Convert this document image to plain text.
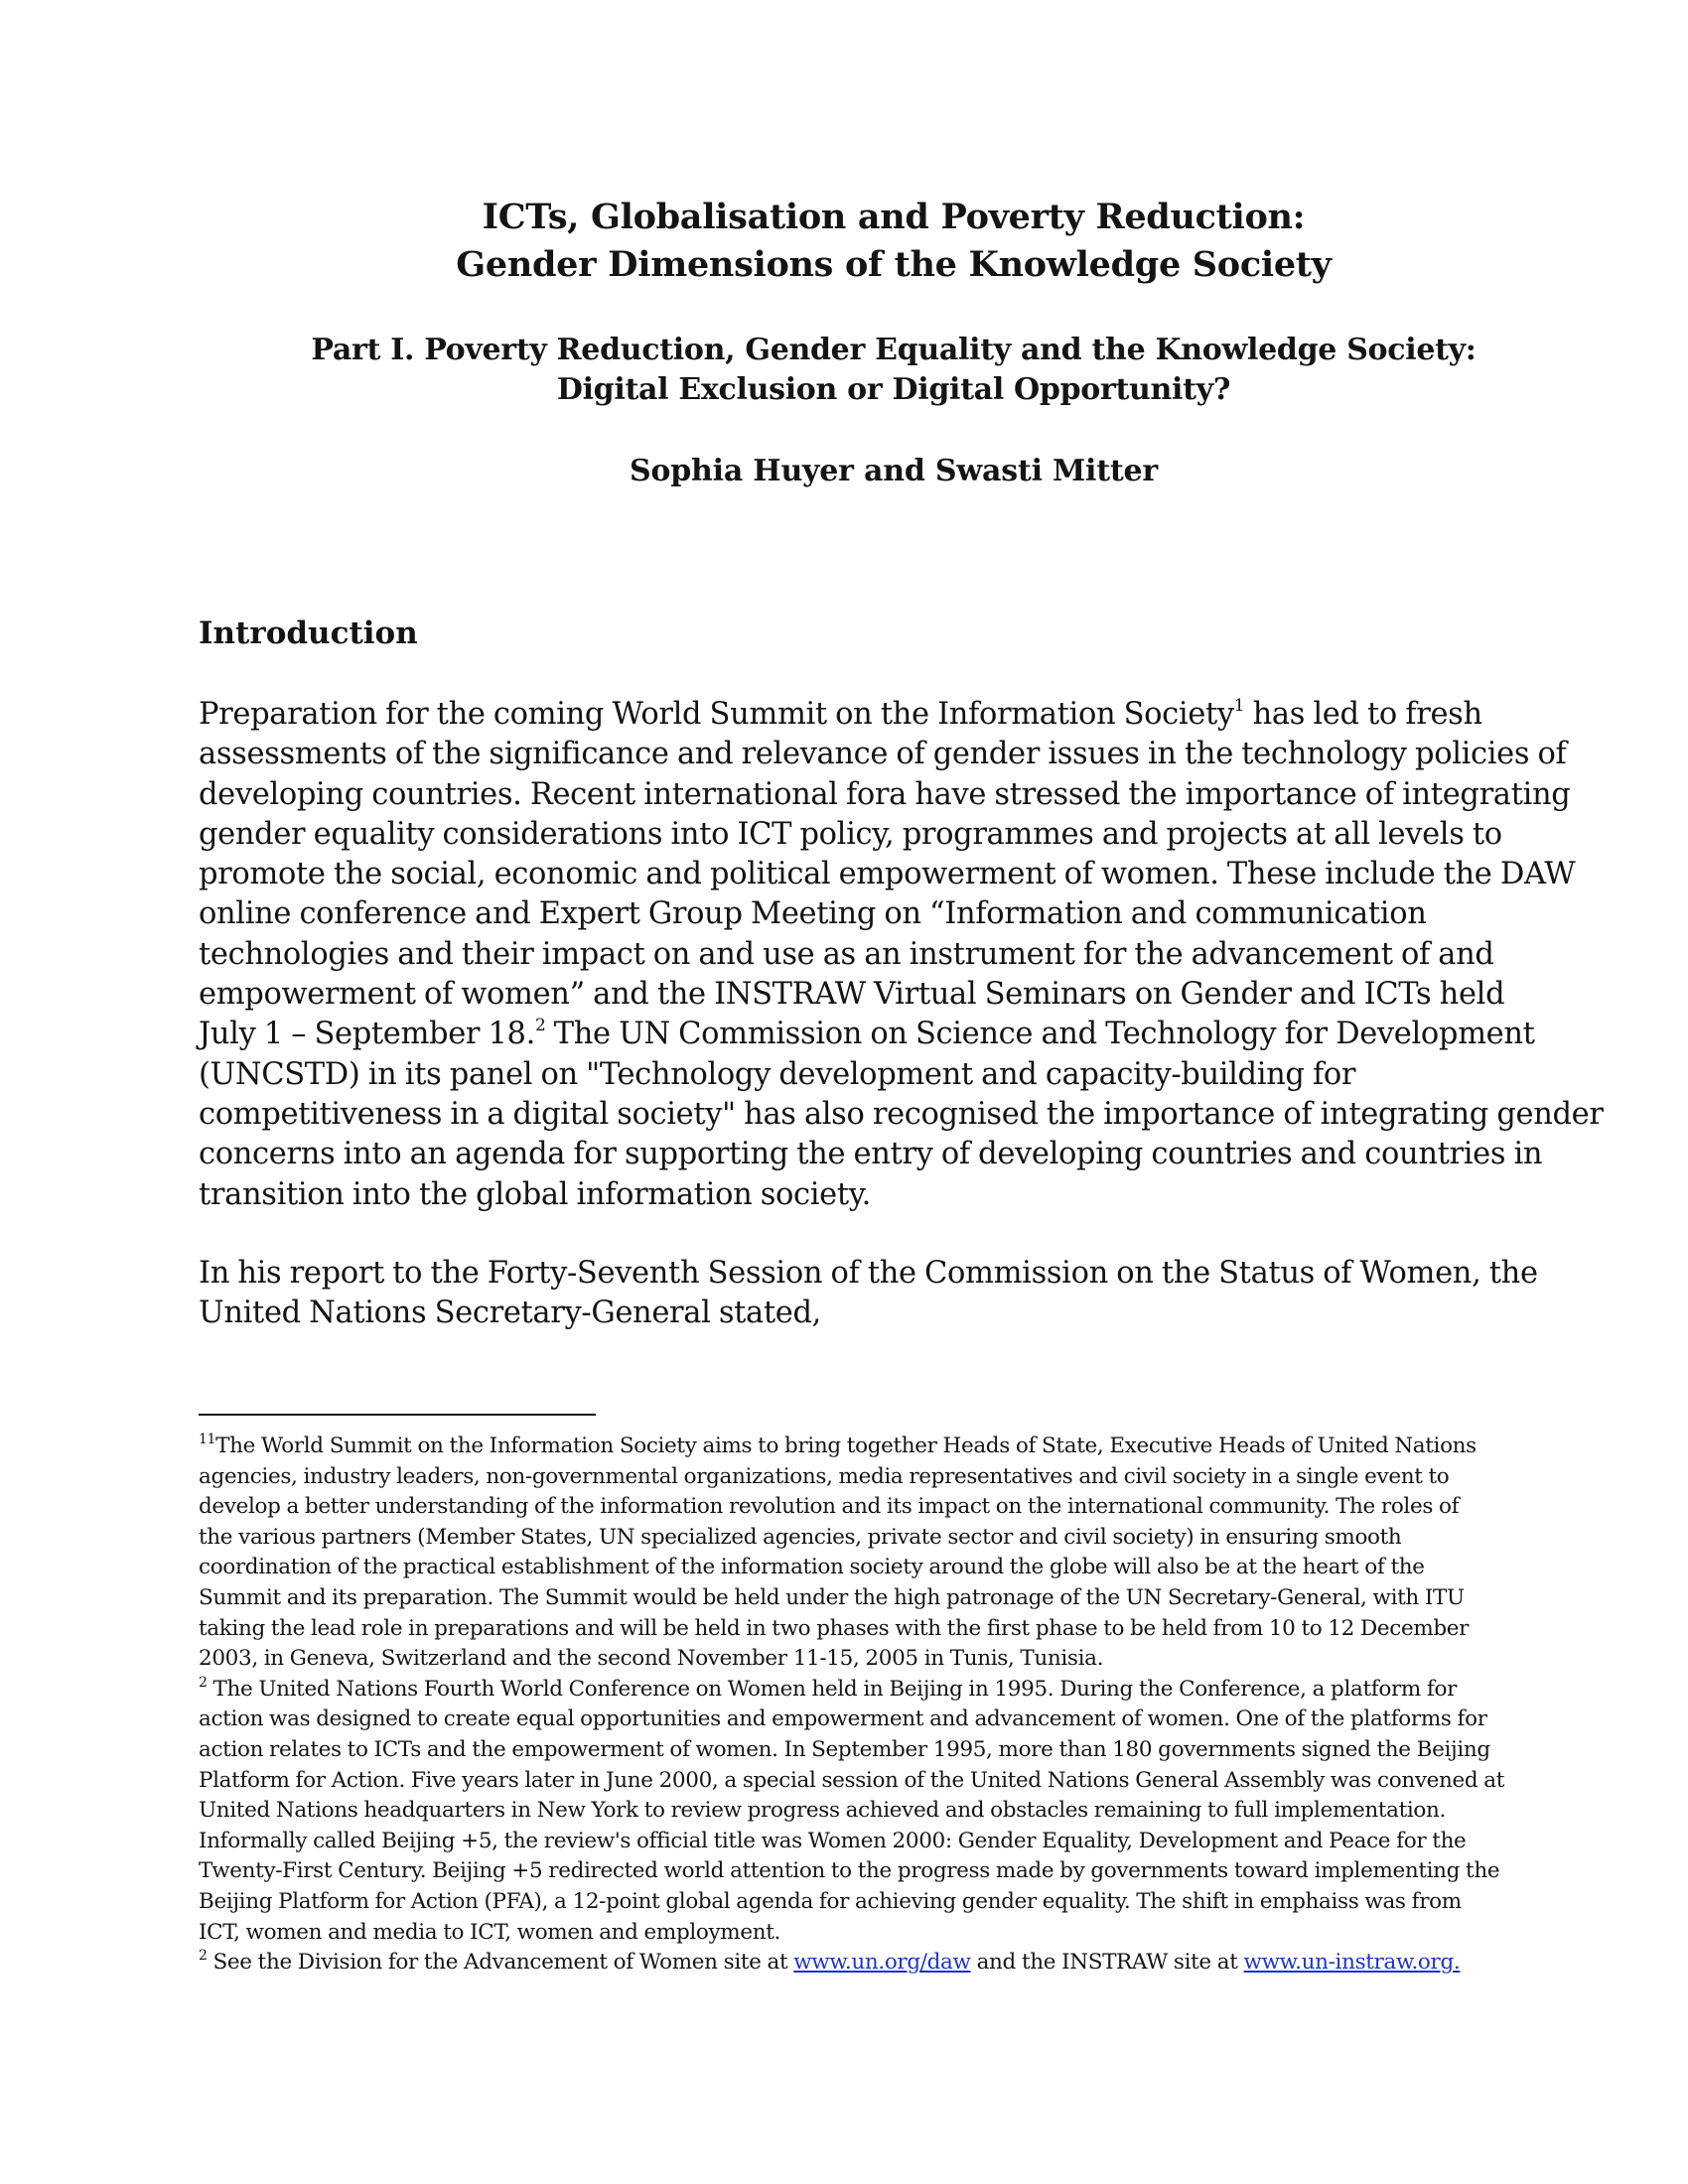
ICTs, Globalisation and Poverty Reduction:
Gender Dimensions of the Knowledge Society
Part I. Poverty Reduction, Gender Equality and the Knowledge Society:
Digital Exclusion or Digital Opportunity?
Sophia Huyer and Swasti Mitter
Introduction
Preparation for the coming World Summit on the Information Society$^1$ has led to fresh
assessments of the significance and relevance of gender issues in the technology policies of
developing countries. Recent international fora have stressed the importance of integrating
gender equality considerations into ICT policy, programmes and projects at all levels to
promote the social, economic and political empowerment of women. These include the DAW
online conference and Expert Group Meeting on “Information and communication
technologies and their impact on and use as an instrument for the advancement of and
empowerment of women” and the INSTRAW Virtual Seminars on Gender and ICTs held
July 1 – September 18.$^2$ The UN Commission on Science and Technology for Development
(UNCSTD) in its panel on "Technology development and capacity-building for
competitiveness in a digital society" has also recognised the importance of integrating gender
concerns into an agenda for supporting the entry of developing countries and countries in
transition into the global information society.
In his report to the Forty-Seventh Session of the Commission on the Status of Women, the
United Nations Secretary-General stated,
$^{11}$The World Summit on the Information Society aims to bring together Heads of State, Executive Heads of United Nations
agencies, industry leaders, non-governmental organizations, media representatives and civil society in a single event to
develop a better understanding of the information revolution and its impact on the international community. The roles of
the various partners (Member States, UN specialized agencies, private sector and civil society) in ensuring smooth
coordination of the practical establishment of the information society around the globe will also be at the heart of the
Summit and its preparation. The Summit would be held under the high patronage of the UN Secretary-General, with ITU
taking the lead role in preparations and will be held in two phases with the first phase to be held from 10 to 12 December
2003, in Geneva, Switzerland and the second November 11-15, 2005 in Tunis, Tunisia.
$^2$ The United Nations Fourth World Conference on Women held in Beijing in 1995. During the Conference, a platform for
action was designed to create equal opportunities and empowerment and advancement of women. One of the platforms for
action relates to ICTs and the empowerment of women. In September 1995, more than 180 governments signed the Beijing
Platform for Action. Five years later in June 2000, a special session of the United Nations General Assembly was convened at
United Nations headquarters in New York to review progress achieved and obstacles remaining to full implementation.
Informally called Beijing +5, the review's official title was Women 2000: Gender Equality, Development and Peace for the
Twenty-First Century. Beijing +5 redirected world attention to the progress made by governments toward implementing the
Beijing Platform for Action (PFA), a 12-point global agenda for achieving gender equality. The shift in emphaiss was from
ICT, women and media to ICT, women and employment.
$^2$ See the Division for the Advancement of Women site at www.un.org/daw and the INSTRAW site at www.un-instraw.org.
